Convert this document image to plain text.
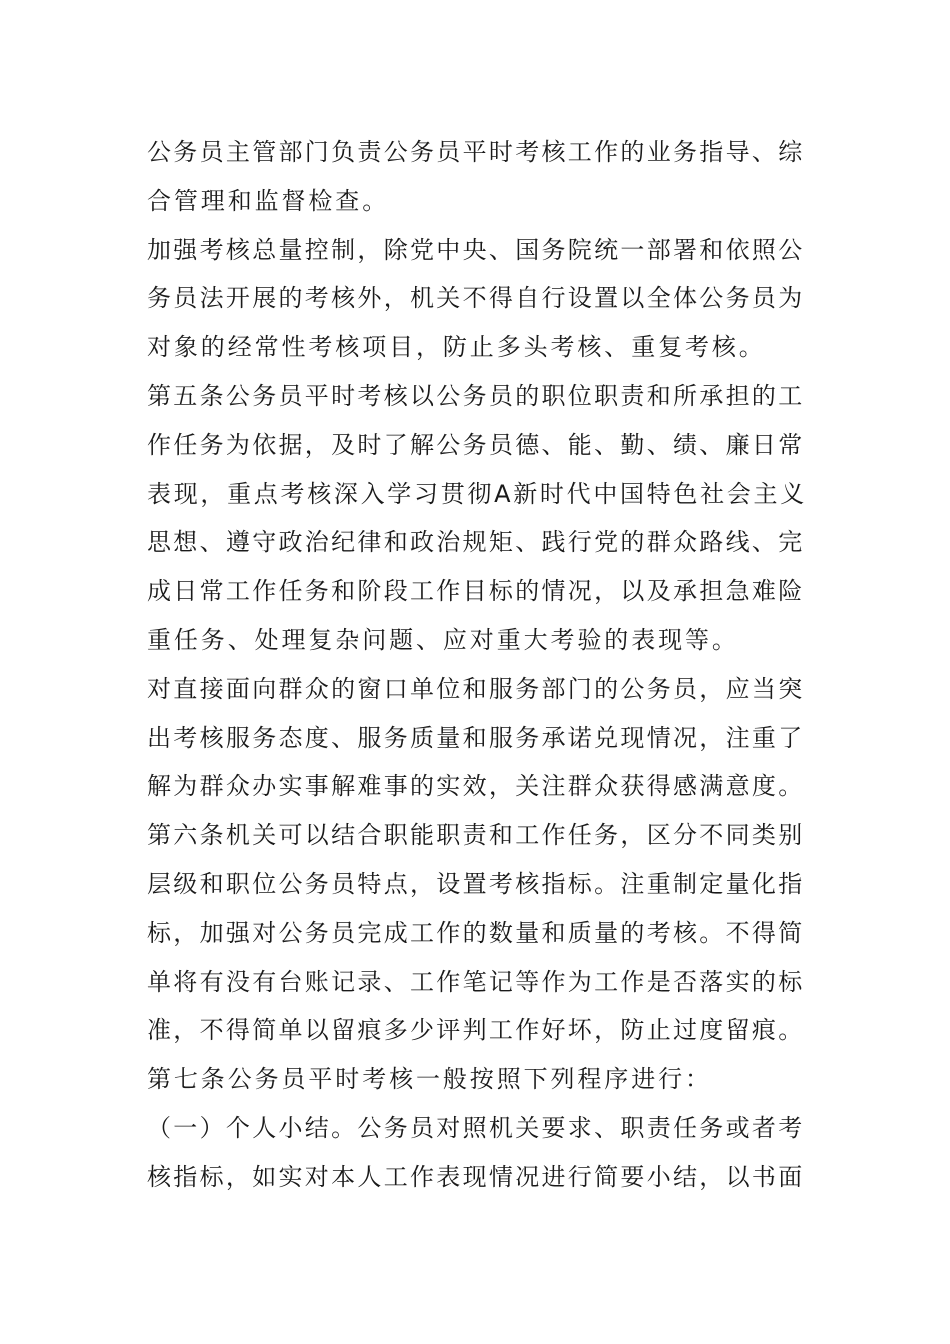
公务员主管部门负责公务员平时考核工作的业务指导、综
合管理和监督检查。
加强考核总量控制，除党中央、国务院统一部署和依照公
务员法开展的考核外，机关不得自行设置以全体公务员为
对象的经常性考核项目，防止多头考核、重复考核。
第五条公务员平时考核以公务员的职位职责和所承担的工
作任务为依据，及时了解公务员德、能、勤、绩、廉日常
表现，重点考核深入学习贯彻A新时代中国特色社会主义
思想、遵守政治纪律和政治规矩、践行党的群众路线、完
成日常工作任务和阶段工作目标的情况，以及承担急难险
重任务、处理复杂问题、应对重大考验的表现等。
对直接面向群众的窗口单位和服务部门的公务员，应当突
出考核服务态度、服务质量和服务承诺兑现情况，注重了
解为群众办实事解难事的实效，关注群众获得感满意度。
第六条机关可以结合职能职责和工作任务，区分不同类别
层级和职位公务员特点，设置考核指标。注重制定量化指
标，加强对公务员完成工作的数量和质量的考核。不得简
单将有没有台账记录、工作笔记等作为工作是否落实的标
准，不得简单以留痕多少评判工作好坏，防止过度留痕。
第七条公务员平时考核一般按照下列程序进行：
（一）个人小结。公务员对照机关要求、职责任务或者考
核指标，如实对本人工作表现情况进行简要小结，以书面
